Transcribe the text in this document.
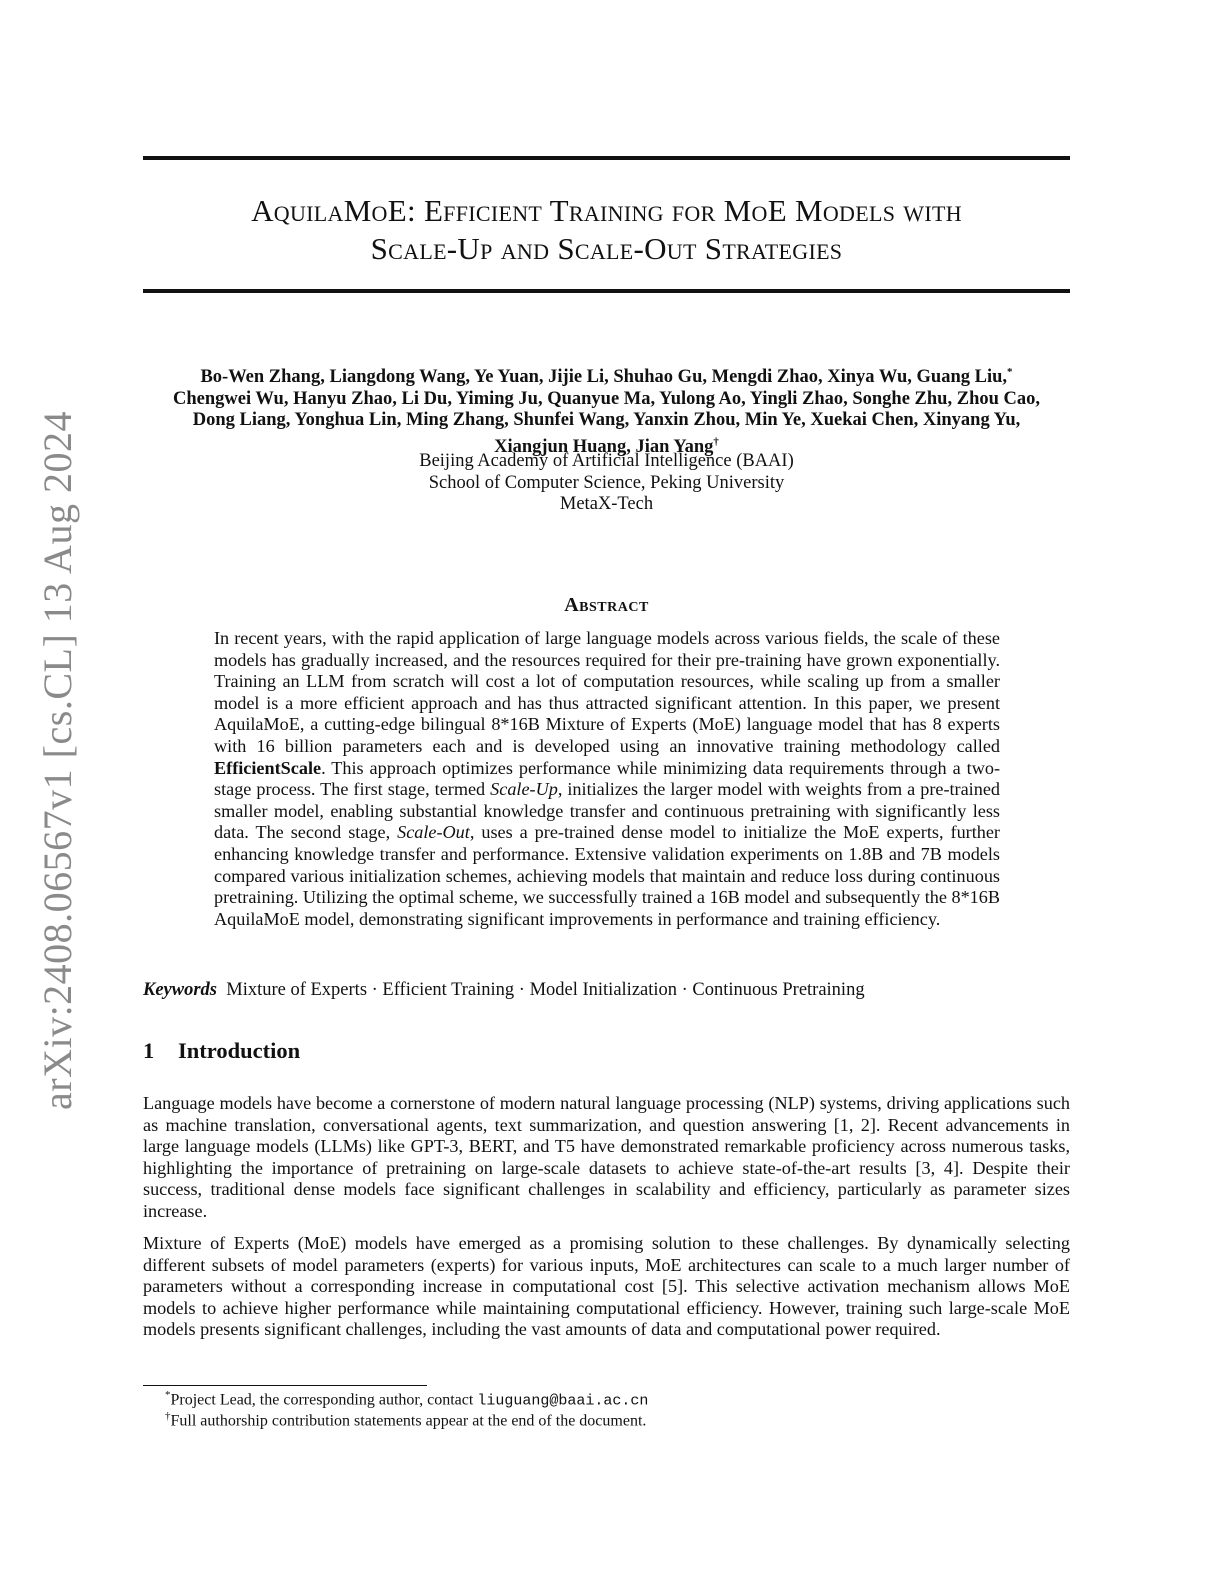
arXiv:2408.06567v1 [cs.CL] 13 Aug 2024
AquilaMoE: Efficient Training for MoE Models with
Scale-Up and Scale-Out Strategies
Bo-Wen Zhang, Liangdong Wang, Ye Yuan, Jijie Li, Shuhao Gu, Mengdi Zhao, Xinya Wu, Guang Liu,*
Chengwei Wu, Hanyu Zhao, Li Du, Yiming Ju, Quanyue Ma, Yulong Ao, Yingli Zhao, Songhe Zhu, Zhou Cao,
Dong Liang, Yonghua Lin, Ming Zhang, Shunfei Wang, Yanxin Zhou, Min Ye, Xuekai Chen, Xinyang Yu,
Xiangjun Huang, Jian Yang†
Beijing Academy of Artificial Intelligence (BAAI)
School of Computer Science, Peking University
MetaX-Tech
Abstract
In recent years, with the rapid application of large language models across various fields, the scale of these models has gradually increased, and the resources required for their pre-training have grown exponentially. Training an LLM from scratch will cost a lot of computation resources, while scaling up from a smaller model is a more efficient approach and has thus attracted significant attention. In this paper, we present AquilaMoE, a cutting-edge bilingual 8*16B Mixture of Experts (MoE) language model that has 8 experts with 16 billion parameters each and is developed using an innovative training methodology called EfficientScale. This approach optimizes performance while minimizing data requirements through a two-stage process. The first stage, termed Scale-Up, initializes the larger model with weights from a pre-trained smaller model, enabling substantial knowledge transfer and continuous pretraining with significantly less data. The second stage, Scale-Out, uses a pre-trained dense model to initialize the MoE experts, further enhancing knowledge transfer and performance. Extensive validation experiments on 1.8B and 7B models compared various initialization schemes, achieving models that maintain and reduce loss during continuous pretraining. Utilizing the optimal scheme, we successfully trained a 16B model and subsequently the 8*16B AquilaMoE model, demonstrating significant improvements in performance and training efficiency.
Keywords Mixture of Experts · Efficient Training · Model Initialization · Continuous Pretraining
1 Introduction
Language models have become a cornerstone of modern natural language processing (NLP) systems, driving applications such as machine translation, conversational agents, text summarization, and question answering [1, 2]. Recent advancements in large language models (LLMs) like GPT-3, BERT, and T5 have demonstrated remarkable proficiency across numerous tasks, highlighting the importance of pretraining on large-scale datasets to achieve state-of-the-art results [3, 4]. Despite their success, traditional dense models face significant challenges in scalability and efficiency, particularly as parameter sizes increase.
Mixture of Experts (MoE) models have emerged as a promising solution to these challenges. By dynamically selecting different subsets of model parameters (experts) for various inputs, MoE architectures can scale to a much larger number of parameters without a corresponding increase in computational cost [5]. This selective activation mechanism allows MoE models to achieve higher performance while maintaining computational efficiency. However, training such large-scale MoE models presents significant challenges, including the vast amounts of data and computational power required.
*Project Lead, the corresponding author, contact liuguang@baai.ac.cn
†Full authorship contribution statements appear at the end of the document.
